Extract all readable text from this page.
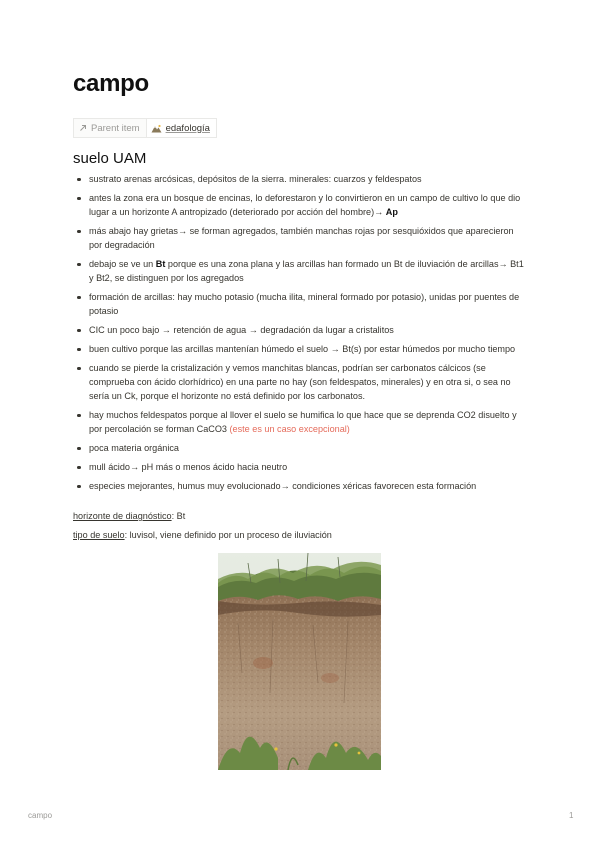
campo
Parent item	edafología
suelo UAM
sustrato arenas arcósicas, depósitos de la sierra. minerales: cuarzos y feldespatos
antes la zona era un bosque de encinas, lo deforestaron y lo convirtieron en un campo de cultivo lo que dio lugar a un horizonte A antropizado (deteriorado por acción del hombre)→ Ap
más abajo hay grietas→ se forman agregados, también manchas rojas por sesquióxidos que aparecieron por degradación
debajo se ve un Bt porque es una zona plana y las arcillas han formado un Bt de iluviación de arcillas→ Bt1 y Bt2, se distinguen por los agregados
formación de arcillas: hay mucho potasio (mucha ilita, mineral formado por potasio), unidas por puentes de potasio
CIC un poco bajo → retención de agua → degradación da lugar a cristalitos
buen cultivo porque las arcillas mantenían húmedo el suelo → Bt(s) por estar húmedos por mucho tiempo
cuando se pierde la cristalización y vemos manchitas blancas, podrían ser carbonatos cálcicos (se comprueba con ácido clorhídrico) en una parte no hay (son feldespatos, minerales) y en otra si, o sea no sería un Ck, porque el horizonte no está definido por los carbonatos.
hay muchos feldespatos porque al llover el suelo se humifica lo que hace que se deprenda CO2 disuelto y por percolación se forman CaCO3 (este es un caso excepcional)
poca materia orgánica
mull ácido→ pH más o menos ácido hacia neutro
especies mejorantes, humus muy evolucionado→ condiciones xéricas favorecen esta formación

horizonte de diagnóstico: Bt

tipo de suelo: luvisol, viene definido por un proceso de iluviación

campo	1
